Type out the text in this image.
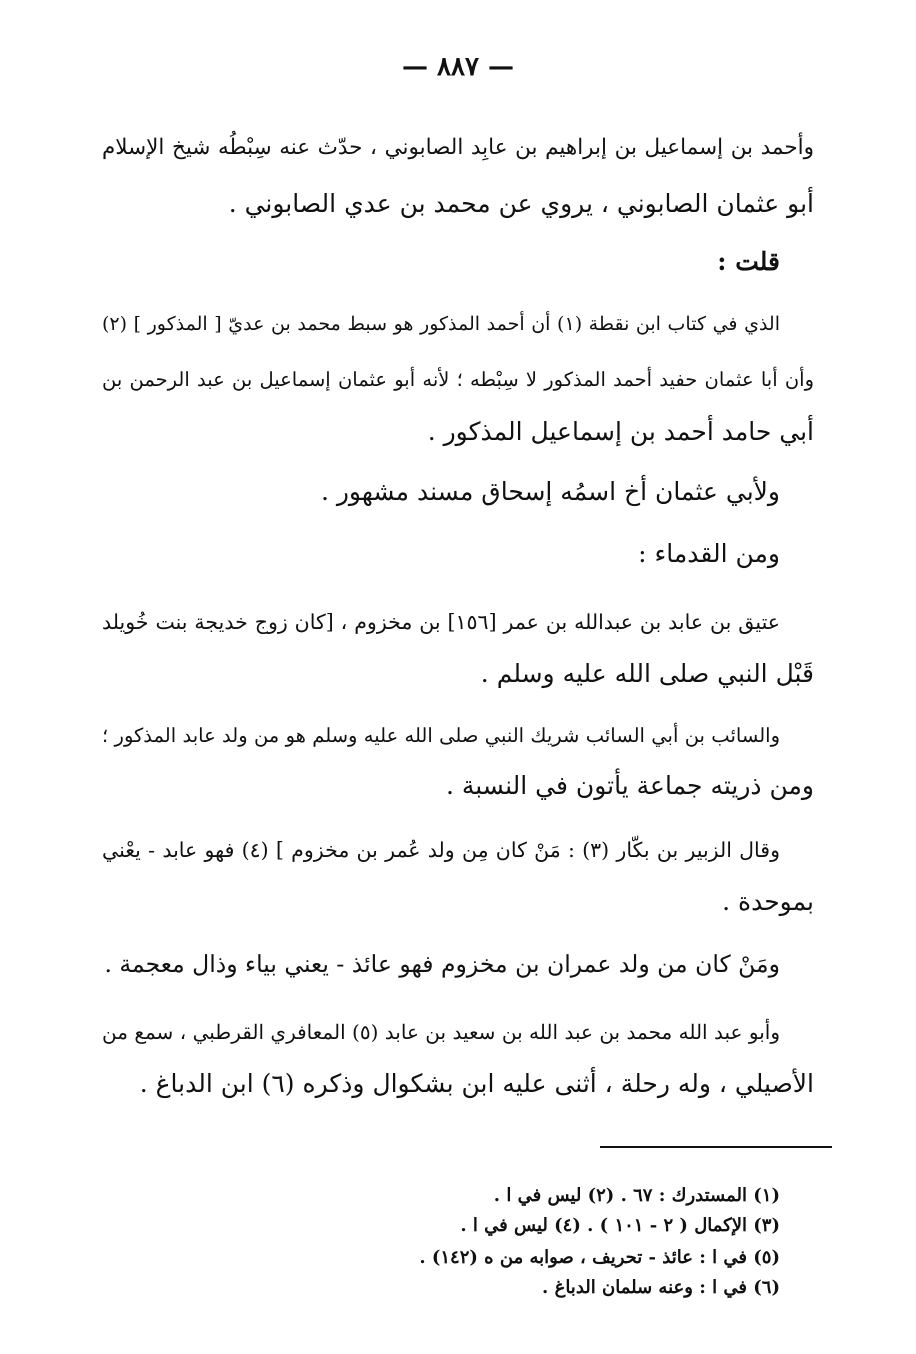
— ٨٨٧ —
وأحمد بن إسماعيل بن إبراهيم بن عابِد الصابوني ، حدّث عنه سِبْطُه شيخ الإسلام
أبو عثمان الصابوني ، يروي عن محمد بن عدي الصابوني .
قلت :
الذي في كتاب ابن نقطة (١) أن أحمد المذكور هو سبط محمد بن عديّ [ المذكور ] (٢)
وأن أبا عثمان حفيد أحمد المذكور لا سِبْطه ؛ لأنه أبو عثمان إسماعيل بن عبد الرحمن بن
أبي حامد أحمد بن إسماعيل المذكور .
ولأبي عثمان أخ اسمُه إسحاق مسند مشهور .
ومن القدماء :
عتيق بن عابد بن عبدالله بن عمر [١٥٦] بن مخزوم ، [كان زوج خديجة بنت خُويلد
قَبْل النبي صلى الله عليه وسلم .
والسائب بن أبي السائب شريك النبي صلى الله عليه وسلم هو من ولد عابد المذكور ؛
ومن ذريته جماعة يأتون في النسبة .
وقال الزبير بن بكّار (٣) : مَنْ كان مِن ولد عُمر بن مخزوم ] (٤) فهو عابد - يعْني
بموحدة .
ومَنْ كان من ولد عمران بن مخزوم فهو عائذ - يعني بياء وذال معجمة .
وأبو عبد الله محمد بن عبد الله بن سعيد بن عابد (٥) المعافري القرطبي ، سمع من
الأصيلي ، وله رحلة ، أثنى عليه ابن بشكوال وذكره (٦) ابن الدباغ .
(١) المستدرك : ٦٧ . (٢) ليس في ا .
(٣) الإكمال ( ٢ - ١٠١ ) . (٤) ليس في ا .
(٥) في ا : عائذ - تحريف ، صوابه من ه (١٤٢) .
(٦) في ا : وعنه سلمان الدباغ .
